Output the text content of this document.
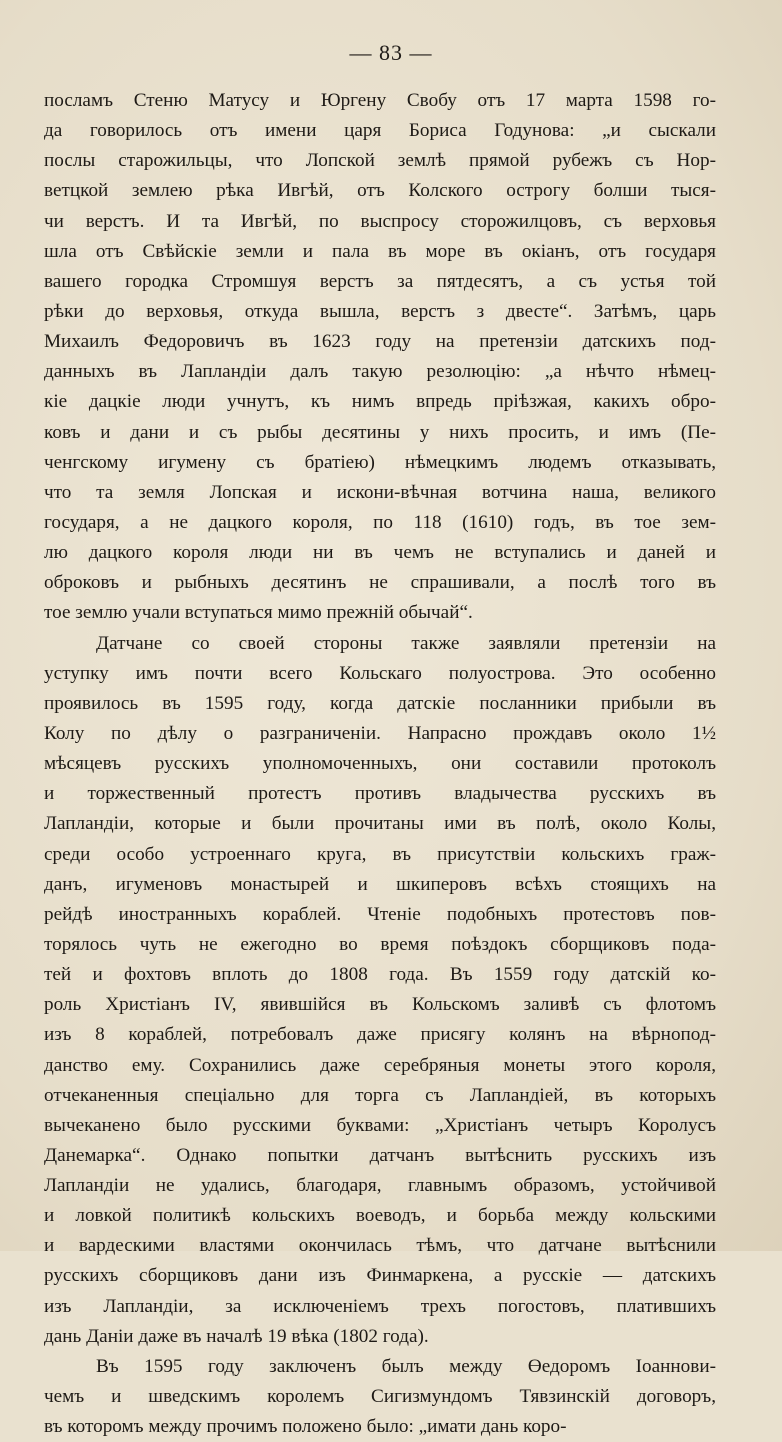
— 83 —
посламъ Стеню Матусу и Юргену Свобу отъ 17 марта 1598 го-
да говорилось отъ имени царя Бориса Годунова: „и сыскали
послы старожильцы, что Лопской землѣ прямой рубежъ съ Нор-
ветцкой землею рѣка Ивгѣй, отъ Колского острогу болши тыся-
чи верстъ. И та Ивгѣй, по выспросу сторожилцовъ, съ верховья
шла отъ Свѣйскіе земли и пала въ море въ окіанъ, отъ государя
вашего городка Стромшуя верстъ за пятдесятъ, а съ устья той
рѣки до верховья, откуда вышла, верстъ з двесте“. Затѣмъ, царь
Михаилъ Федоровичъ въ 1623 году на претензіи датскихъ под-
данныхъ въ Лапландіи далъ такую резолюцію: „а нѣчто нѣмец-
кіе дацкіе люди учнутъ, къ нимъ впредь пріѣзжая, какихъ обро-
ковъ и дани и съ рыбы десятины у нихъ просить, и имъ (Пе-
ченгскому игумену съ братіею) нѣмецкимъ людемъ отказывать,
что та земля Лопская и искони-вѣчная вотчина наша, великого
государя, а не дацкого короля, по 118 (1610) годъ, въ тое зем-
лю дацкого короля люди ни въ чемъ не вступались и даней и
оброковъ и рыбныхъ десятинъ не спрашивали, а послѣ того въ
тое землю учали вступаться мимо прежній обычай“.
Датчане со своей стороны также заявляли претензіи на
уступку имъ почти всего Кольскаго полуострова. Это особенно
проявилось въ 1595 году, когда датскіе посланники прибыли въ
Колу по дѣлу о разграниченіи. Напрасно прождавъ около 1½
мѣсяцевъ русскихъ уполномоченныхъ, они составили протоколъ
и торжественный протестъ противъ владычества русскихъ въ
Лапландіи, которые и были прочитаны ими въ полѣ, около Колы,
среди особо устроеннаго круга, въ присутствіи кольскихъ граж-
данъ, игуменовъ монастырей и шкиперовъ всѣхъ стоящихъ на
рейдѣ иностранныхъ кораблей. Чтеніе подобныхъ протестовъ пов-
торялось чуть не ежегодно во время поѣздокъ сборщиковъ пода-
тей и фохтовъ вплоть до 1808 года. Въ 1559 году датскій ко-
роль Христіанъ IV, явившійся въ Кольскомъ заливѣ съ флотомъ
изъ 8 кораблей, потребовалъ даже присягу колянъ на вѣрнопод-
данство ему. Сохранились даже серебряныя монеты этого короля,
отчеканенныя спеціально для торга съ Лапландіей, въ которыхъ
вычеканено было русскими буквами: „Христіанъ четыръ Королусъ
Данемарка“. Однако попытки датчанъ вытѣснить русскихъ изъ
Лапландіи не удались, благодаря, главнымъ образомъ, устойчивой
и ловкой политикѣ кольскихъ воеводъ, и борьба между кольскими
и вардескими властями окончилась тѣмъ, что датчане вытѣснили
русскихъ сборщиковъ дани изъ Финмаркена, а русскіе — датскихъ
изъ Лапландіи, за исключеніемъ трехъ погостовъ, платившихъ
дань Даніи даже въ началѣ 19 вѣка (1802 года).
Въ 1595 году заключенъ былъ между Өедоромъ Іоаннови-
чемъ и шведскимъ королемъ Сигизмундомъ Тявзинскій договоръ,
въ которомъ между прочимъ положено было: „имати дань коро-
